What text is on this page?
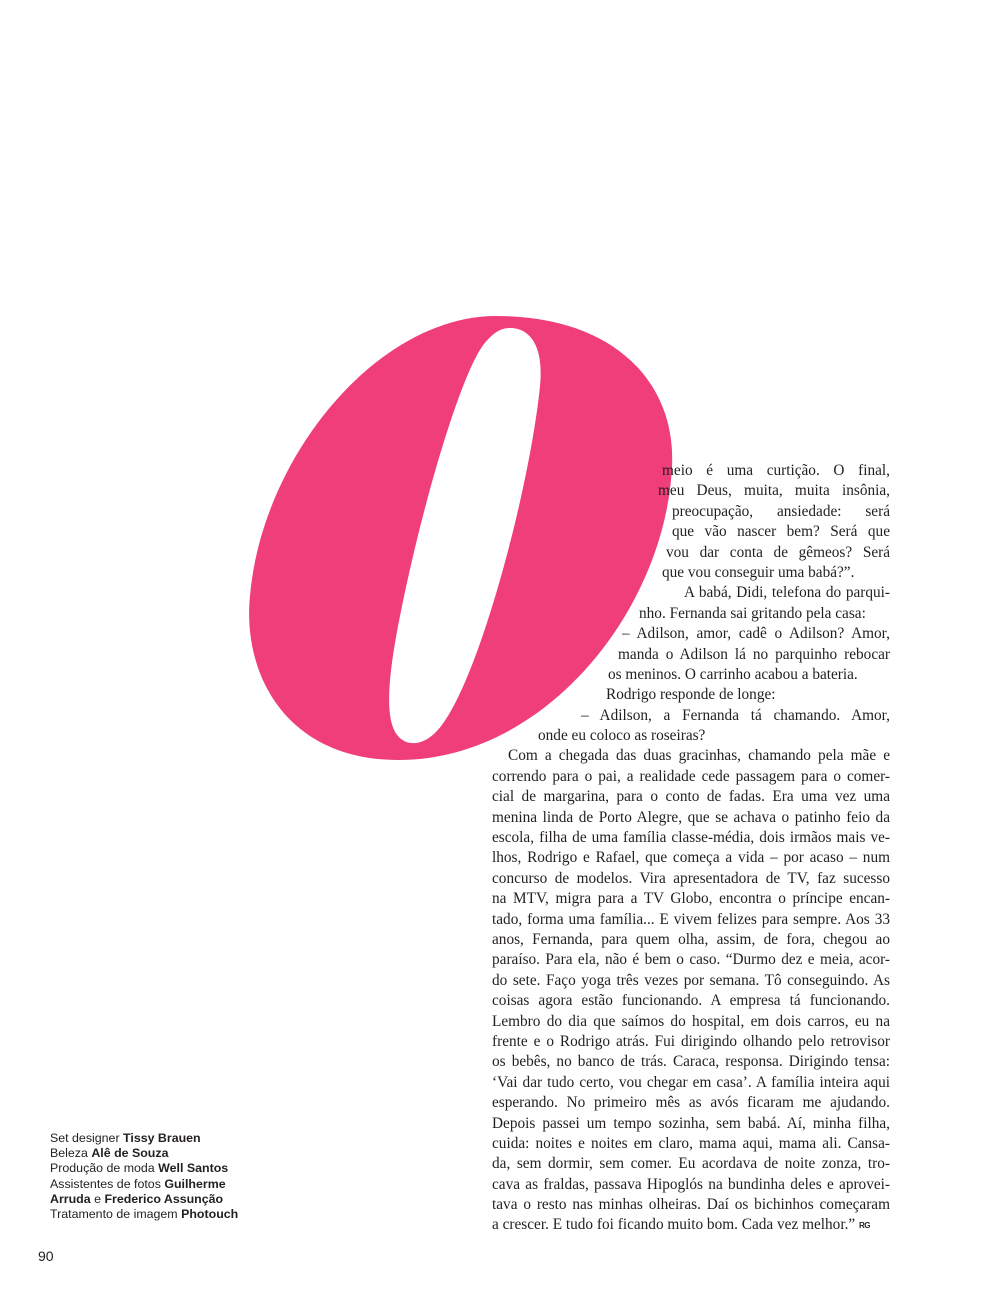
meio é uma curtição. O final,
meu Deus, muita, muita insônia,
preocupação, ansiedade: será
que vão nascer bem? Será que
vou dar conta de gêmeos? Será
que vou conseguir uma babá?”.
A babá, Didi, telefona do parqui-
nho. Fernanda sai gritando pela casa:
– Adilson, amor, cadê o Adilson? Amor,
manda o Adilson lá no parquinho rebocar
os meninos. O carrinho acabou a bateria.
Rodrigo responde de longe:
– Adilson, a Fernanda tá chamando. Amor,
onde eu coloco as roseiras?
Com a chegada das duas gracinhas, chamando pela mãe e
correndo para o pai, a realidade cede passagem para o comer-
cial de margarina, para o conto de fadas. Era uma vez uma
menina linda de Porto Alegre, que se achava o patinho feio da
escola, filha de uma família classe-média, dois irmãos mais ve-
lhos, Rodrigo e Rafael, que começa a vida – por acaso – num
concurso de modelos. Vira apresentadora de TV, faz sucesso
na MTV, migra para a TV Globo, encontra o príncipe encan-
tado, forma uma família... E vivem felizes para sempre. Aos 33
anos, Fernanda, para quem olha, assim, de fora, chegou ao
paraíso. Para ela, não é bem o caso. “Durmo dez e meia, acor-
do sete. Faço yoga três vezes por semana. Tô conseguindo. As
coisas agora estão funcionando. A empresa tá funcionando.
Lembro do dia que saímos do hospital, em dois carros, eu na
frente e o Rodrigo atrás. Fui dirigindo olhando pelo retrovisor
os bebês, no banco de trás. Caraca, responsa. Dirigindo tensa:
‘Vai dar tudo certo, vou chegar em casa’. A família inteira aqui
esperando. No primeiro mês as avós ficaram me ajudando.
Depois passei um tempo sozinha, sem babá. Aí, minha filha,
cuida: noites e noites em claro, mama aqui, mama ali. Cansa-
da, sem dormir, sem comer. Eu acordava de noite zonza, tro-
cava as fraldas, passava Hipoglós na bundinha deles e aprovei-
tava o resto nas minhas olheiras. Daí os bichinhos começaram
a crescer. E tudo foi ficando muito bom. Cada vez melhor.” RG
Set designer Tissy Brauen
Beleza Alê de Souza
Produção de moda Well Santos
Assistentes de fotos Guilherme
Arruda e Frederico Assunção
Tratamento de imagem Photouch
90
